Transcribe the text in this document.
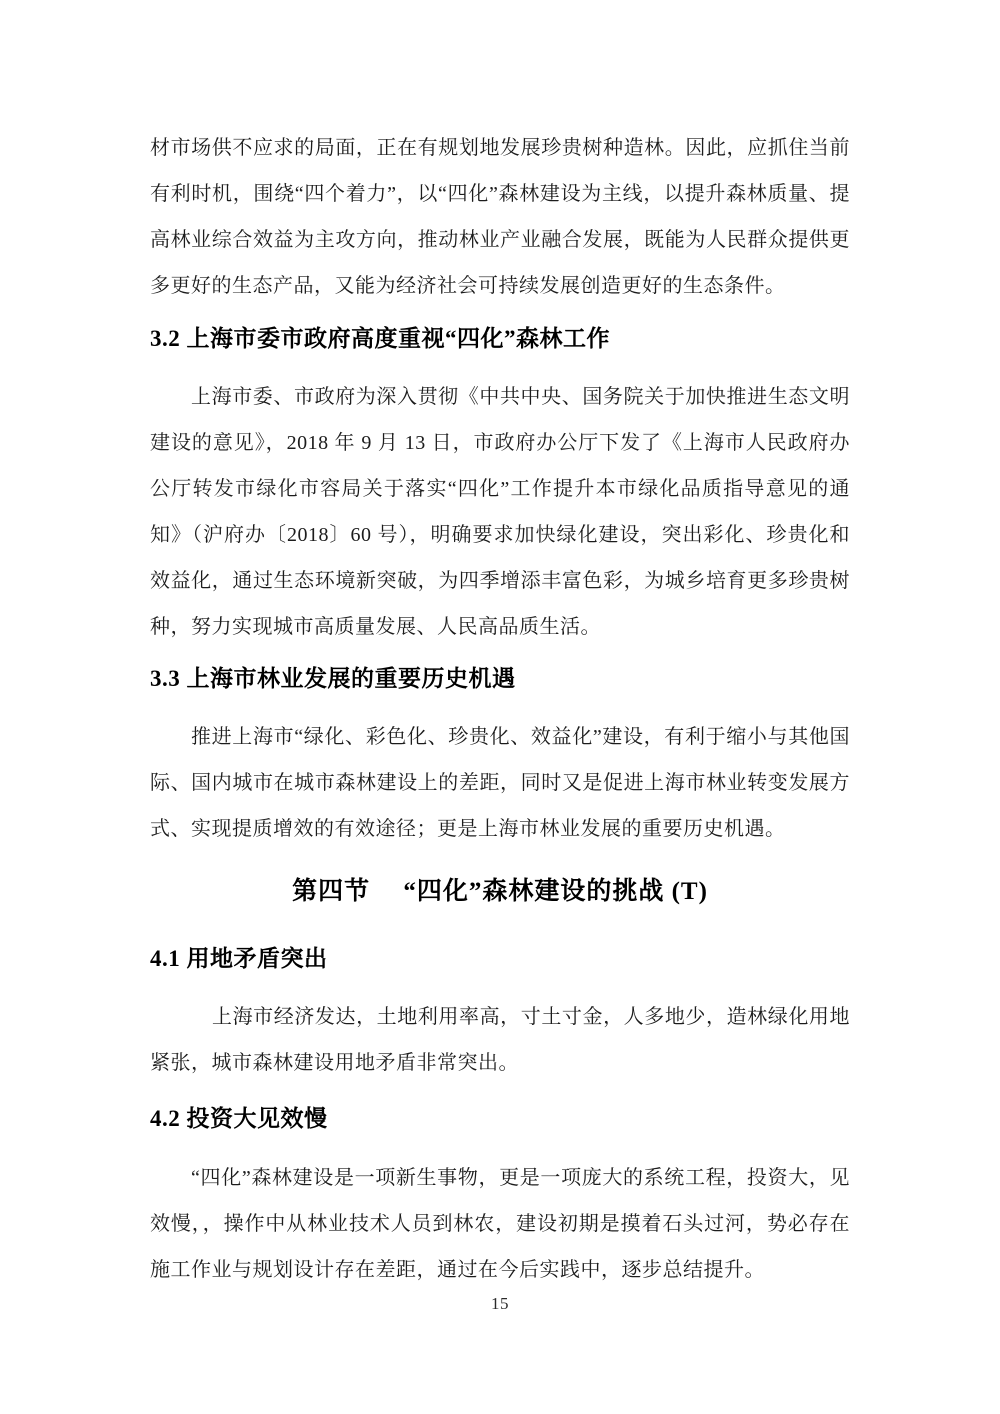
材市场供不应求的局面，正在有规划地发展珍贵树种造林。因此，应抓住当前有利时机，围绕“四个着力”，以“四化”森林建设为主线，以提升森林质量、提高林业综合效益为主攻方向，推动林业产业融合发展，既能为人民群众提供更多更好的生态产品，又能为经济社会可持续发展创造更好的生态条件。

3.2 上海市委市政府高度重视“四化”森林工作

上海市委、市政府为深入贯彻《中共中央、国务院关于加快推进生态文明建设的意见》，2018 年 9 月 13 日，市政府办公厅下发了《上海市人民政府办公厅转发市绿化市容局关于落实“四化”工作提升本市绿化品质指导意见的通知》（沪府办〔2018〕60 号），明确要求加快绿化建设，突出彩化、珍贵化和效益化，通过生态环境新突破，为四季增添丰富色彩，为城乡培育更多珍贵树种，努力实现城市高质量发展、人民高品质生活。

3.3 上海市林业发展的重要历史机遇

推进上海市“绿化、彩色化、珍贵化、效益化”建设，有利于缩小与其他国际、国内城市在城市森林建设上的差距，同时又是促进上海市林业转变发展方式、实现提质增效的有效途径；更是上海市林业发展的重要历史机遇。

第四节　 “四化”森林建设的挑战 (T)
4.1 用地矛盾突出

上海市经济发达，土地利用率高，寸土寸金，人多地少，造林绿化用地紧张，城市森林建设用地矛盾非常突出。

4.2 投资大见效慢

“四化”森林建设是一项新生事物，更是一项庞大的系统工程，投资大，见效慢，，操作中从林业技术人员到林农，建设初期是摸着石头过河，势必存在施工作业与规划设计存在差距，通过在今后实践中，逐步总结提升。

15
